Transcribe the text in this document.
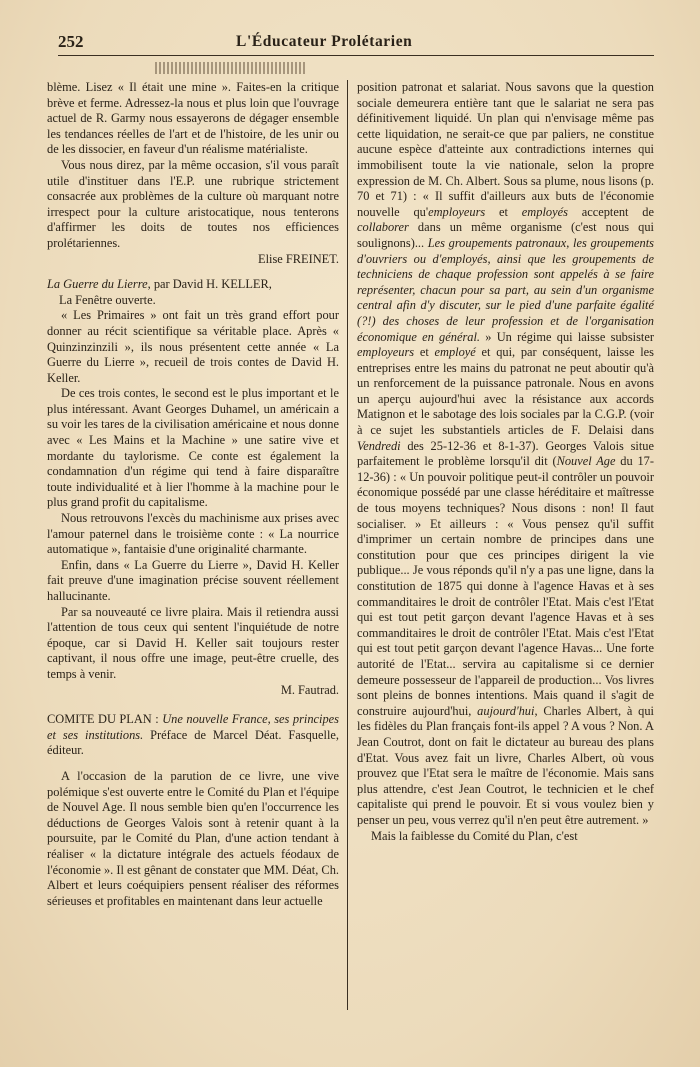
252	L'Éducateur Prolétarien

blème. Lisez « Il était une mine ». Faites-en la critique brève et ferme. Adressez-la nous et plus loin que l'ouvrage actuel de R. Garmy nous essayerons de dégager ensemble les tendances réelles de l'art et de l'histoire, de les unir ou de les dissocier, en faveur d'un réalisme matérialiste.

Vous nous direz, par la même occasion, s'il vous paraît utile d'instituer dans l'E.P. une rubrique strictement consacrée aux problèmes de la culture où marquant notre irrespect pour la culture aristocatique, nous tenterons d'affirmer les doits de toutes nos efficiences prolétariennes.

Elise FREINET.

La Guerre du Lierre, par David H. KELLER,
La Fenêtre ouverte.

« Les Primaires » ont fait un très grand effort pour donner au récit scientifique sa véritable place. Après « Quinzinzinzili », ils nous présentent cette année « La Guerre du Lierre », recueil de trois contes de David H. Keller.

De ces trois contes, le second est le plus important et le plus intéressant. Avant Georges Duhamel, un américain a su voir les tares de la civilisation américaine et nous donne avec « Les Mains et la Machine » une satire vive et mordante du taylorisme. Ce conte est également la condamnation d'un régime qui tend à faire disparaître toute individualité et à lier l'homme à la machine pour le plus grand profit du capitalisme.

Nous retrouvons l'excès du machinisme aux prises avec l'amour paternel dans le troisième conte : « La nourrice automatique », fantaisie d'une originalité charmante.

Enfin, dans « La Guerre du Lierre », David H. Keller fait preuve d'une imagination précise souvent réellement hallucinante.

Par sa nouveauté ce livre plaira. Mais il retiendra aussi l'attention de tous ceux qui sentent l'inquiétude de notre époque, car si David H. Keller sait toujours rester captivant, il nous offre une image, peut-être cruelle, des temps à venir.

M. Fautrad.

COMITE DU PLAN : Une nouvelle France, ses principes et ses institutions. Préface de Marcel Déat. Fasquelle, éditeur.

A l'occasion de la parution de ce livre, une vive polémique s'est ouverte entre le Comité du Plan et l'équipe de Nouvel Age. Il nous semble bien qu'en l'occurrence les déductions de Georges Valois sont à retenir quant à la poursuite, par le Comité du Plan, d'une action tendant à réaliser « la dictature intégrale des actuels féodaux de l'économie ». Il est gênant de constater que MM. Déat, Ch. Albert et leurs coéquipiers pensent réaliser des réformes sérieuses et profitables en maintenant dans leur actuelle

position patronat et salariat. Nous savons que la question sociale demeurera entière tant que le salariat ne sera pas définitivement liquidé. Un plan qui n'envisage même pas cette liquidation, ne serait-ce que par paliers, ne constitue aucune espèce d'atteinte aux contradictions internes qui immobilisent toute la vie nationale, selon la propre expression de M. Ch. Albert. Sous sa plume, nous lisons (p. 70 et 71) : « Il suffit d'ailleurs aux buts de l'économie nouvelle qu'employeurs et employés acceptent de collaborer dans un même organisme (c'est nous qui soulignons)... Les groupements patronaux, les groupements d'ouvriers ou d'employés, ainsi que les groupements de techniciens de chaque profession sont appelés à se faire représenter, chacun pour sa part, au sein d'un organisme central afin d'y discuter, sur le pied d'une parfaite égalité (?!) des choses de leur profession et de l'organisation économique en général. » Un régime qui laisse subsister employeurs et employé et qui, par conséquent, laisse les entreprises entre les mains du patronat ne peut aboutir qu'à un renforcement de la puissance patronale. Nous en avons un aperçu aujourd'hui avec la résistance aux accords Matignon et le sabotage des lois sociales par la C.G.P. (voir à ce sujet les substantiels articles de F. Delaisi dans Vendredi des 25-12-36 et 8-1-37). Georges Valois situe parfaitement le problème lorsqu'il dit (Nouvel Age du 17-12-36) : « Un pouvoir politique peut-il contrôler un pouvoir économique possédé par une classe héréditaire et maîtresse de tous moyens techniques? Nous disons : non! Il faut socialiser. » Et ailleurs : « Vous pensez qu'il suffit d'imprimer un certain nombre de principes dans une constitution pour que ces principes dirigent la vie publique... Je vous réponds qu'il n'y a pas une ligne, dans la constitution de 1875 qui donne à l'agence Havas et à ses commanditaires le droit de contrôler l'Etat. Mais c'est l'Etat qui est tout petit garçon devant l'agence Havas et à ses commanditaires le droit de contrôler l'Etat. Mais c'est l'Etat qui est tout petit garçon devant l'agence Havas... Une forte autorité de l'Etat... servira au capitalisme si ce dernier demeure possesseur de l'appareil de production... Vos livres sont pleins de bonnes intentions. Mais quand il s'agit de construire aujourd'hui, aujourd'hui, Charles Albert, à qui les fidèles du Plan français font-ils appel ? A vous ? Non. A Jean Coutrot, dont on fait le dictateur au bureau des plans d'Etat. Vous avez fait un livre, Charles Albert, où vous prouvez que l'Etat sera le maître de l'économie. Mais sans plus attendre, c'est Jean Coutrot, le technicien et le chef capitaliste qui prend le pouvoir. Et si vous voulez bien y penser un peu, vous verrez qu'il n'en peut être autrement. »

Mais la faiblesse du Comité du Plan, c'est
